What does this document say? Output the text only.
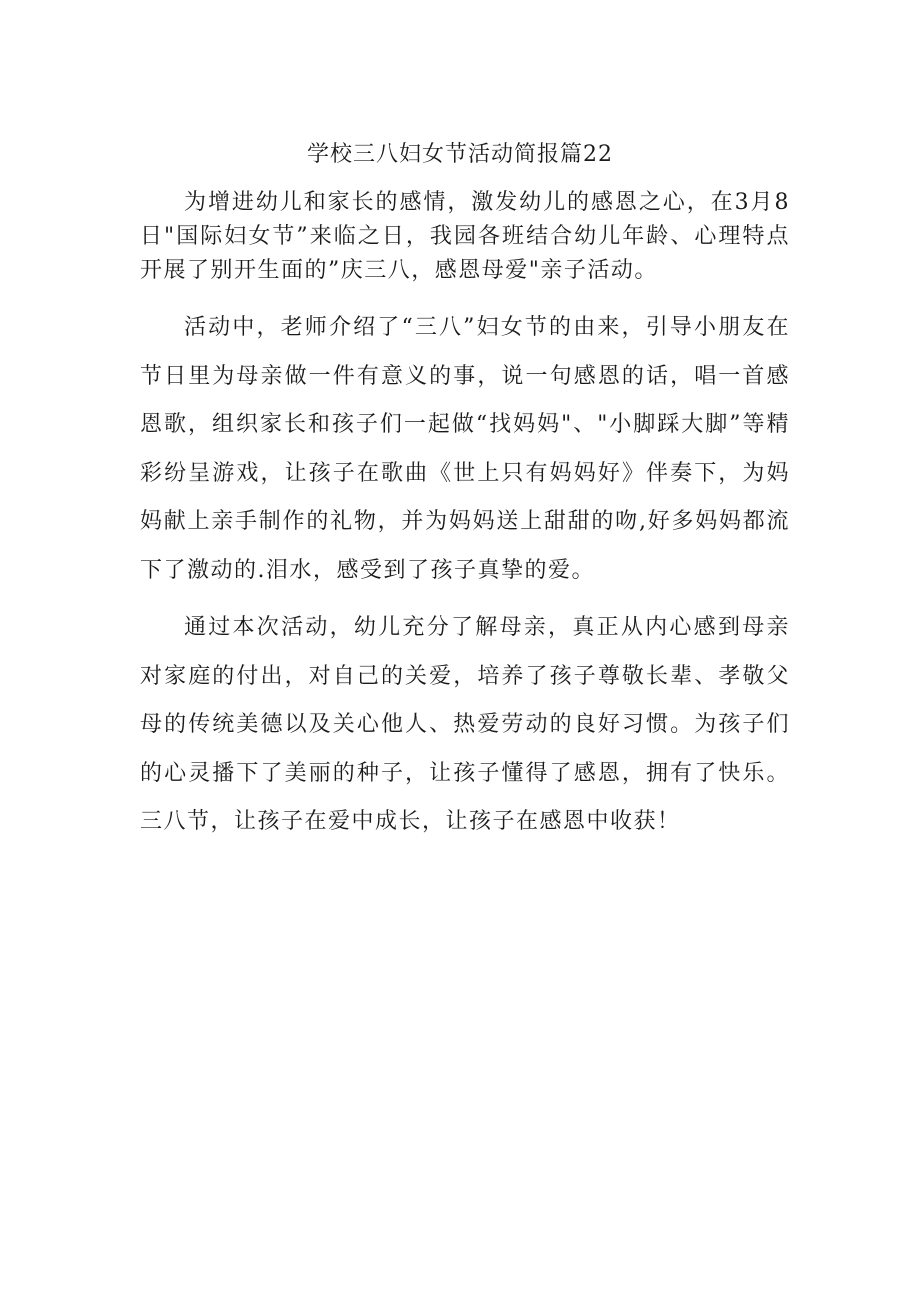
学校三八妇女节活动简报篇22

为增进幼儿和家长的感情，激发幼儿的感恩之心，在3月8日"国际妇女节”来临之日，我园各班结合幼儿年龄、心理特点开展了别开生面的”庆三八，感恩母爱"亲子活动。

活动中，老师介绍了“三八”妇女节的由来，引导小朋友在节日里为母亲做一件有意义的事，说一句感恩的话，唱一首感恩歌，组织家长和孩子们一起做“找妈妈"、"小脚踩大脚”等精彩纷呈游戏，让孩子在歌曲《世上只有妈妈好》伴奏下，为妈妈献上亲手制作的礼物，并为妈妈送上甜甜的吻,好多妈妈都流下了激动的.泪水，感受到了孩子真挚的爱。

通过本次活动，幼儿充分了解母亲，真正从内心感到母亲对家庭的付出，对自己的关爱，培养了孩子尊敬长辈、孝敬父母的传统美德以及关心他人、热爱劳动的良好习惯。为孩子们的心灵播下了美丽的种子，让孩子懂得了感恩，拥有了快乐。三八节，让孩子在爱中成长，让孩子在感恩中收获！
